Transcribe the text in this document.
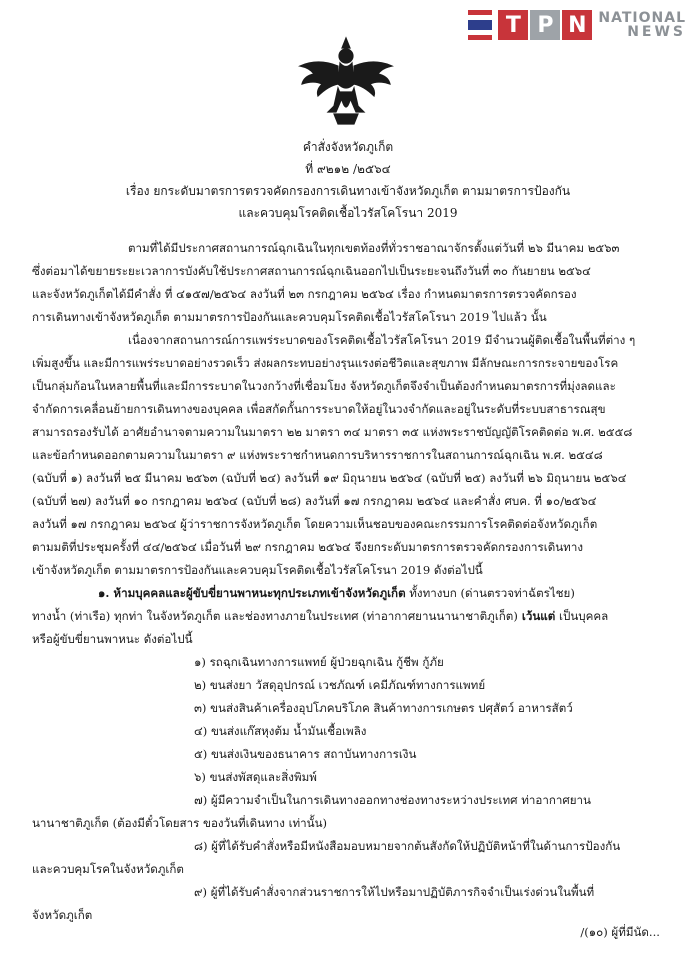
T P N NATIONAL
NEWS
คำสั่งจังหวัดภูเก็ต
ที่ ๙๒๑๒ /๒๕๖๔
เรื่อง ยกระดับมาตรการตรวจคัดกรองการเดินทางเข้าจังหวัดภูเก็ต ตามมาตรการป้องกัน
และควบคุมโรคติดเชื้อไวรัสโคโรนา 2019
ตามที่ได้มีประกาศสถานการณ์ฉุกเฉินในทุกเขตท้องที่ทั่วราชอาณาจักรตั้งแต่วันที่ ๒๖ มีนาคม ๒๕๖๓
ซึ่งต่อมาได้ขยายระยะเวลาการบังคับใช้ประกาศสถานการณ์ฉุกเฉินออกไปเป็นระยะจนถึงวันที่ ๓๐ กันยายน ๒๕๖๔
และจังหวัดภูเก็ตได้มีคำสั่ง ที่ ๔๑๕๗/๒๕๖๔ ลงวันที่ ๒๓ กรกฎาคม ๒๕๖๔ เรื่อง กำหนดมาตรการตรวจคัดกรอง
การเดินทางเข้าจังหวัดภูเก็ต ตามมาตรการป้องกันและควบคุมโรคติดเชื้อไวรัสโคโรนา 2019 ไปแล้ว นั้น
เนื่องจากสถานการณ์การแพร่ระบาดของโรคติดเชื้อไวรัสโคโรนา 2019 มีจำนวนผู้ติดเชื้อในพื้นที่ต่าง ๆ
เพิ่มสูงขึ้น และมีการแพร่ระบาดอย่างรวดเร็ว ส่งผลกระทบอย่างรุนแรงต่อชีวิตและสุขภาพ มีลักษณะการกระจายของโรค
เป็นกลุ่มก้อนในหลายพื้นที่และมีการระบาดในวงกว้างที่เชื่อมโยง จังหวัดภูเก็ตจึงจำเป็นต้องกำหนดมาตรการที่มุ่งลดและ
จำกัดการเคลื่อนย้ายการเดินทางของบุคคล เพื่อสกัดกั้นการระบาดให้อยู่ในวงจำกัดและอยู่ในระดับที่ระบบสาธารณสุข
สามารถรองรับได้ อาศัยอำนาจตามความในมาตรา ๒๒ มาตรา ๓๔ มาตรา ๓๕ แห่งพระราชบัญญัติโรคติดต่อ พ.ศ. ๒๕๕๘
และข้อกำหนดออกตามความในมาตรา ๙ แห่งพระราชกำหนดการบริหารราชการในสถานการณ์ฉุกเฉิน พ.ศ. ๒๕๔๘
(ฉบับที่ ๑) ลงวันที่ ๒๕ มีนาคม ๒๕๖๓ (ฉบับที่ ๒๔) ลงวันที่ ๑๙ มิถุนายน ๒๕๖๔ (ฉบับที่ ๒๕) ลงวันที่ ๒๖ มิถุนายน ๒๕๖๔
(ฉบับที่ ๒๗) ลงวันที่ ๑๐ กรกฎาคม ๒๕๖๔ (ฉบับที่ ๒๘) ลงวันที่ ๑๗ กรกฎาคม ๒๕๖๔ และคำสั่ง ศบค. ที่ ๑๐/๒๕๖๔
ลงวันที่ ๑๗ กรกฎาคม ๒๕๖๔ ผู้ว่าราชการจังหวัดภูเก็ต โดยความเห็นชอบของคณะกรรมการโรคติดต่อจังหวัดภูเก็ต
ตามมติที่ประชุมครั้งที่ ๔๔/๒๕๖๔ เมื่อวันที่ ๒๙ กรกฎาคม ๒๕๖๔ จึงยกระดับมาตรการตรวจคัดกรองการเดินทาง
เข้าจังหวัดภูเก็ต ตามมาตรการป้องกันและควบคุมโรคติดเชื้อไวรัสโคโรนา 2019 ดังต่อไปนี้
๑. ห้ามบุคคลและผู้ขับขี่ยานพาหนะทุกประเภทเข้าจังหวัดภูเก็ต ทั้งทางบก (ด่านตรวจท่าฉัตรไชย)
ทางน้ำ (ท่าเรือ) ทุกท่า ในจังหวัดภูเก็ต และช่องทางภายในประเทศ (ท่าอากาศยานนานาชาติภูเก็ต) เว้นแต่ เป็นบุคคล
หรือผู้ขับขี่ยานพาหนะ ดังต่อไปนี้
๑) รถฉุกเฉินทางการแพทย์ ผู้ป่วยฉุกเฉิน กู้ชีพ กู้ภัย
๒) ขนส่งยา วัสดุอุปกรณ์ เวชภัณฑ์ เคมีภัณฑ์ทางการแพทย์
๓) ขนส่งสินค้าเครื่องอุปโภคบริโภค สินค้าทางการเกษตร ปศุสัตว์ อาหารสัตว์
๔) ขนส่งแก๊สหุงต้ม น้ำมันเชื้อเพลิง
๕) ขนส่งเงินของธนาคาร สถาบันทางการเงิน
๖) ขนส่งพัสดุและสิ่งพิมพ์
๗) ผู้มีความจำเป็นในการเดินทางออกทางช่องทางระหว่างประเทศ ท่าอากาศยาน
นานาชาติภูเก็ต (ต้องมีตั๋วโดยสาร ของวันที่เดินทาง เท่านั้น)
๘) ผู้ที่ได้รับคำสั่งหรือมีหนังสือมอบหมายจากต้นสังกัดให้ปฏิบัติหน้าที่ในด้านการป้องกัน
และควบคุมโรคในจังหวัดภูเก็ต
๙) ผู้ที่ได้รับคำสั่งจากส่วนราชการให้ไปหรือมาปฏิบัติภารกิจจำเป็นเร่งด่วนในพื้นที่
จังหวัดภูเก็ต
/(๑๐) ผู้ที่มีนัด...
